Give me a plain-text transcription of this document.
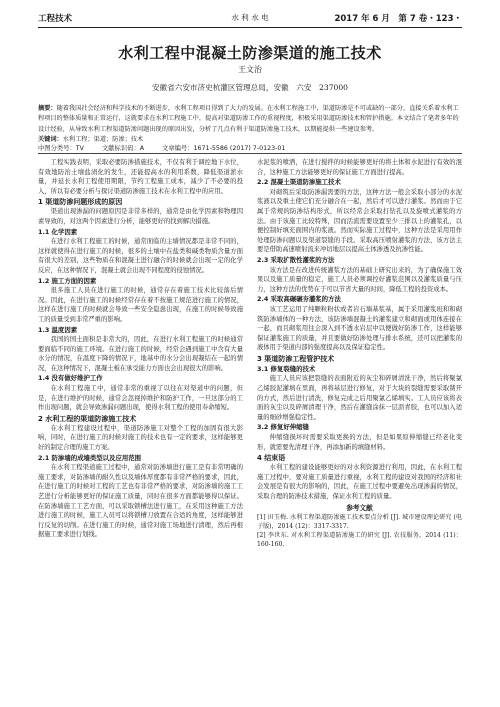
工程技术	水 利 水 电	2017 年 6 月　第 7 卷・123・
水利工程中混凝土防渗渠道的施工技术
王文治
安徽省六安市济史杭灌区管理总局，安徽　六安　237000
摘要：随着我国社会经济和科学技术的不断进步，水利工程项目得到了大力的发展。在水利工程施工中，渠道防渗是不可或缺的一部分，直接关系着水利工程项目的整体质量和正常运行，这就要求在水利工程施工中，提高对渠道防渗工作的重视程度，积极采用渠道防渗技术和管护措施。本文结合了笔者多年的设计经验，从导致水利工程渠道防渗问题出现的原因出发，分析了几点有利于渠道防渗施工技术，以期能提供一些建设参考。
关键词：水利工程；渠道；防渗；技术
中图分类号：TV	文献标识码：A	文章编号：1671-5586 (2017) 7-0123-01

工程实践表明，采取必要防渗措施技术，不仅有利于调控地下水位，有效地防治土壤盐渍化的发生，还能提高水的利用系数，降低渠道淤水量，并延长水利工程使用期限，节约工程施工成本，减少了不必要的投入，所以有必要分析与探讨渠道防渗施工技术在水利工程中的应用。

1 渠道防渗问题形成的原因

渠道出现渗漏的问题原因是非常多样的，通常是由化学因素和物理因素导致的，对这两个因素进行分析，能够更好的找到解决措施。

1.1 化学因素

在进行水利工程施工的时候，通常面临的主墙情况都是非常不同的，这样就使得在进行施工的时候，很多的土壤中在盐类和碱类物质含量方面有很大的差别，这些物质在和混凝土进行融合的时候就会出现一定的化学反应，在这种情况下，混凝土就会出现不同程度的侵蚀情况。

1.2 施工方面的因素

很多施工人员在进行施工的时候，通常存在着施工技术比较落后情况。因此，在进行施工的时候经常存在着不按施工规范进行施工的情况，这样在进行施工的时候就会导致一些安全隐患出现，在施工的时候导致施工的质量受到非常严重的影响。

1.3 温度因素

我国的国土面积是非常大的，因此，在进行水利工程施工的时候通常要面临不同的施工环境。在进行施工的时候，经常会遇到施工中含有大量水分的情况，在温度下降的情况下，地基中的水分会出现凝结在一起的情况，在这种情况下，混凝土板在承受能力方面也会出现很大的影响。

1.4 没有做好维护工作

在水利工程施工中，通常非常的重视了以往在对渠道中的问题，但是，在进行维护的时候，通常会忽视掉维护和防护工作，一旦这部分的工作出现问题，就会导致渗漏问题出现，使得水利工程的使用寿命缩短。

2 水利工程的渠道防渗施工技术

在水利工程建设过程中，渠道防渗施工对整个工程的加固有很大影响，同时，在进行施工的时候对施工的技术也有一定的要求，这样能够更好的制定合理的施工方案。

2.1 防渗墙的成墙类型以及应用范围

在水利工程渠道施工过程中，通常对防渗墙进行施工是有非常明确的施工要求，对防渗墙的耐久性以及墙体厚度都有非常严格的要求，因此，在进行施工的时候对工程的工艺也有非常严格的要求，对防渗墙的施工工艺进行分析能够更好的保证施工质量，同时在很多方面都能够得以保证。在防渗墙施工工艺方面，可以采取锁槽法进行施工，在采用这种施工方法进行施工的时候，施工人员可以将锁槽刀放置在合适的角度，这样能够进行反复的切削。在进行施工的时候，通常对施工场地进行清理，然后再根据施工要求进行划线。

水泥浆的喷洒，在进行搅拌的时候能够更好的将土体和水泥进行有效的混合，这种施工方法能够更好的保证施工方面进行提高。

2.2 混凝土渠道防渗施工技术

对砌筑后采取防渗漏需要的方法，这种方法一般会采取小部分的水泥浆液以及重土使它们充分融合在一起，然后才可以进行灌浆。然而由于它属于常规的防渗结构形式，所以经常会采取打钻孔以及旋喷式灌浆的方法。由于该施工比较特殊，因而活流需要设置至少三排以上的灌浆孔，以便控制好填充面围内的浆液。然而实际施工过程中，这种方法是采用用作处理防渗问题以及渠道裂缝的手段。采取高压喷射灌浆的方法，该方法主要是借助高速喷射流来冲切地层以提高土体渗透及抗渗性能。

2.3 采取扩散性灌浆的方法

该方法是在改进传统灌浆方法的基础上研究出来的，为了确保施工效果以及施工质量的稳定，施工人员必须调控好灌浆范围以及灌浆质量与压力，这种方法的优势在于可以节省大量的时间，降低工程的投资成本。

2.4 采取高碾碾夯灌浆的方法

该工艺运用了纯颗粒粉状或者岩石墙基浆基，属于采用灌浆班和和砌筑防渗墙体的一种方法，该防渗墙混凝土的灌浆建立和砌面或用体连接在一起，而且砌浆用往会深入到不透水岩层中以便做好防渗工作，这样能够保证灌浆施工的质量，并且要做好防渗处理与排水系统，还可以把灌浆的液体用于渠道内部的强度提高以及保证稳定性。

3 渠道防渗工程管护技术
3.1 修复裂缝的技术

施工人员应该把裂缝的表面附近的灰尘和碎屑清洗干净，然后将聚氯乙烯胶泥灌填在里面，再将基层进行修复，对于大块的裂缝需要采取凿开的方式，然后进行清洗，修复完成之后用聚氯乙烯填实。工人员应该将表面的灰尘以及碎屑清理干净，然后在灌缝涂抹一层沥青胶，也可以加入适量的细砂增强稳定性。

3.2 修复好伸缩缝

伸缩缝损坏时需要采取更换的方法，但是如果原伸缩缝已经老化变形，就需要先清理干净，再添加新的填缝材料。

4 结束语

水利工程的建设能够更好的对水利资源进行利用，因此，在水利工程施工过程中，要对施工质量进行重视，水利工程的建设对我国的经济和社会发展是有很大的影响的，因此，在施工过程中要避免出现渗漏的情况，采取合理的防渗技术措施，保证水利工程的质量。

参考文献

[1] 田玉梅. 水利工程渠道防渗施工技术要点分析 [J]. 城市建设理论研究 (电子版)，2014 (12)：3317-3317.

[2] 李世东. 对水利工程渠道防渗施工的研究 [J]. 农技服务，2014 (11)：160-160.
